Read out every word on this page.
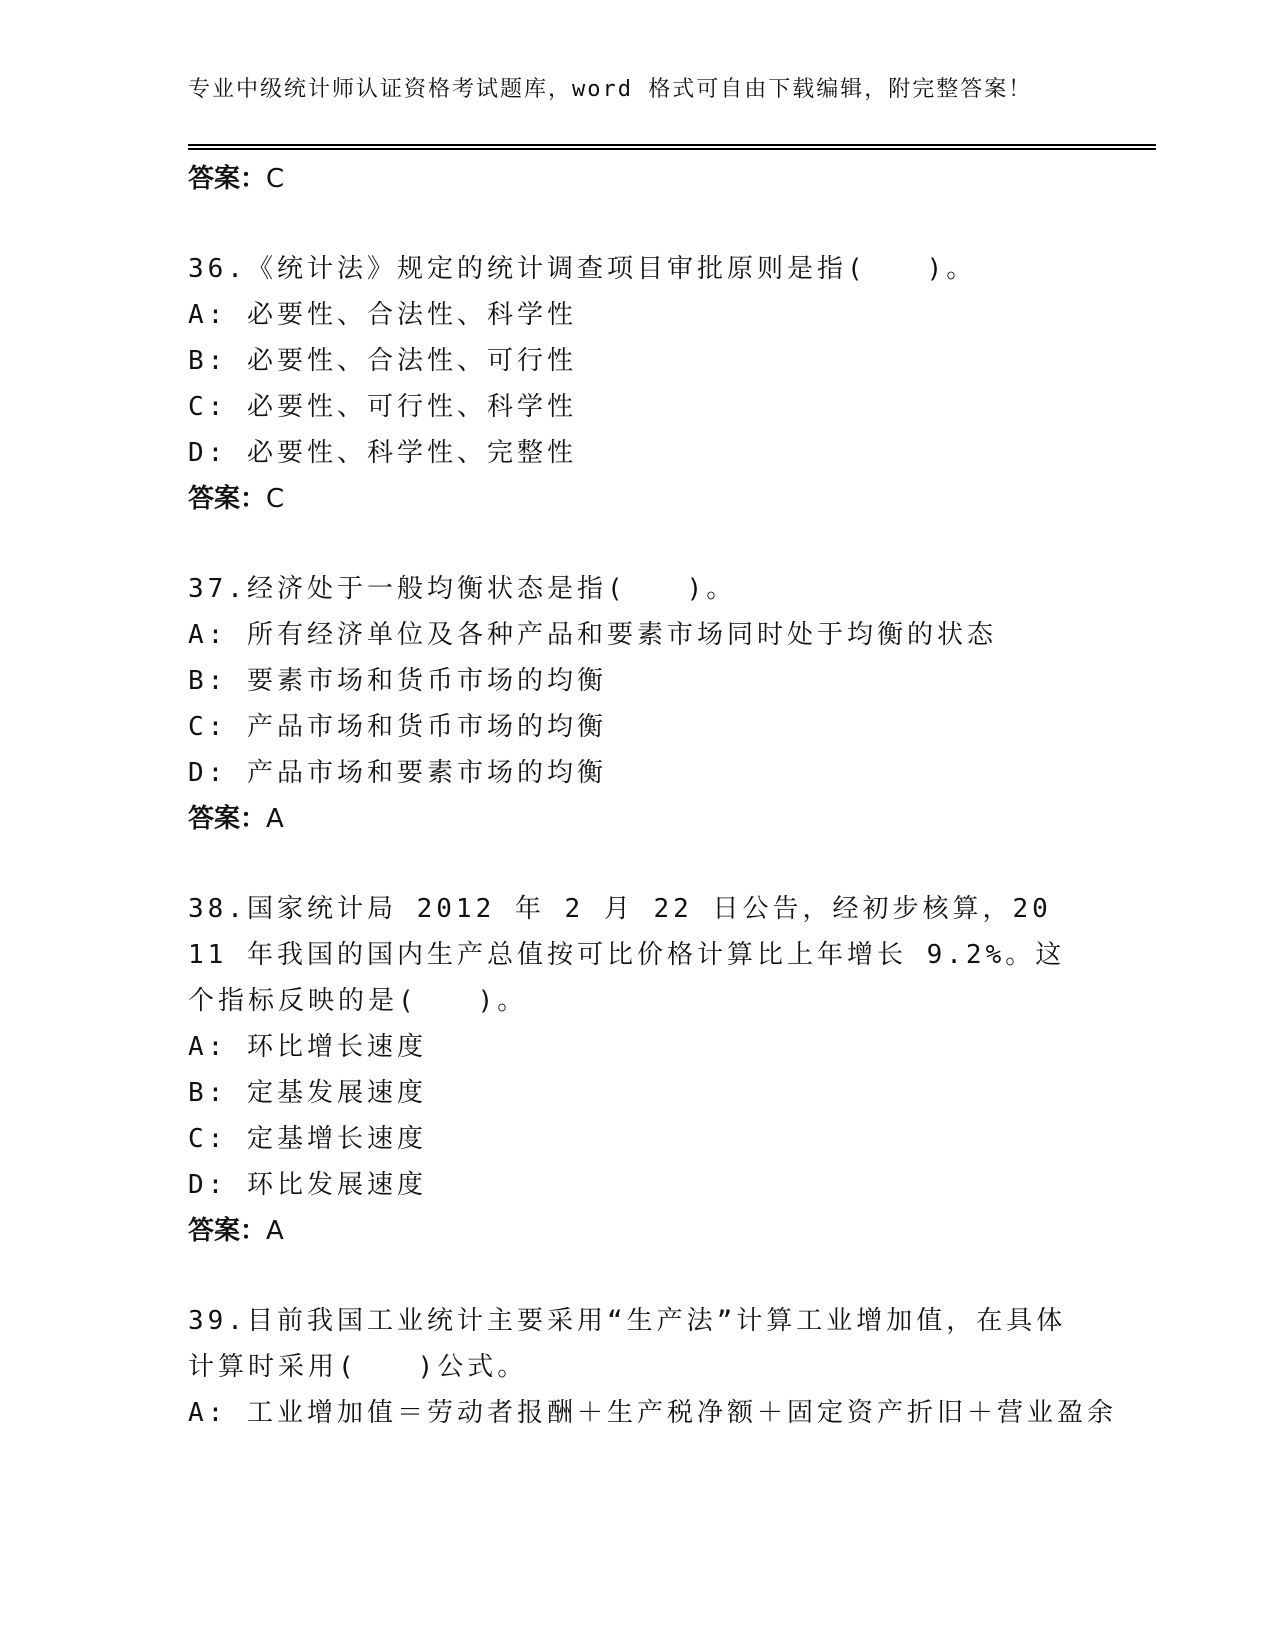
专业中级统计师认证资格考试题库，word 格式可自由下载编辑，附完整答案！
答案：C
36.《统计法》规定的统计调查项目审批原则是指(　　)。
A: 必要性、合法性、科学性
B: 必要性、合法性、可行性
C: 必要性、可行性、科学性
D: 必要性、科学性、完整性
答案：C
37.经济处于一般均衡状态是指(　　)。
A: 所有经济单位及各种产品和要素市场同时处于均衡的状态
B: 要素市场和货币市场的均衡
C: 产品市场和货币市场的均衡
D: 产品市场和要素市场的均衡
答案：A
38.国家统计局 2012 年 2 月 22 日公告，经初步核算，2011 年我国的国内生产总值按可比价格计算比上年增长 9.2%。这个指标反映的是(　　)。
A: 环比增长速度
B: 定基发展速度
C: 定基增长速度
D: 环比发展速度
答案：A
39.目前我国工业统计主要采用“生产法”计算工业增加值，在具体计算时采用(　　)公式。
A: 工业增加值＝劳动者报酬＋生产税净额＋固定资产折旧＋营业盈余
